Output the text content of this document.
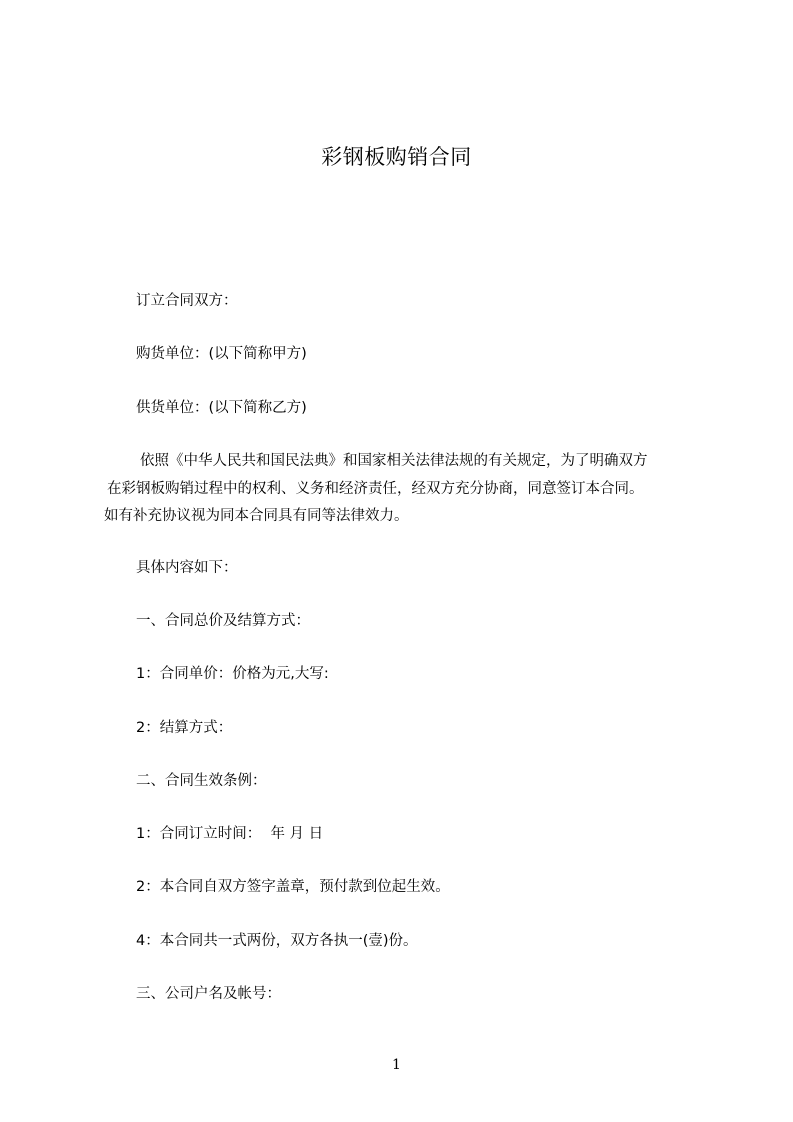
彩钢板购销合同
订立合同双方：
购货单位：(以下简称甲方)
供货单位：(以下简称乙方)
依照《中华人民共和国民法典》和国家相关法律法规的有关规定，为了明确双方
在彩钢板购销过程中的权利、义务和经济责任，经双方充分协商，同意签订本合同。
如有补充协议视为同本合同具有同等法律效力。
具体内容如下：
一、合同总价及结算方式：
1：合同单价：价格为元,大写:
2：结算方式：
二、合同生效条例：
1：合同订立时间：  年 月 日
2：本合同自双方签字盖章，预付款到位起生效。
4：本合同共一式两份，双方各执一(壹)份。
三、公司户名及帐号：
1
